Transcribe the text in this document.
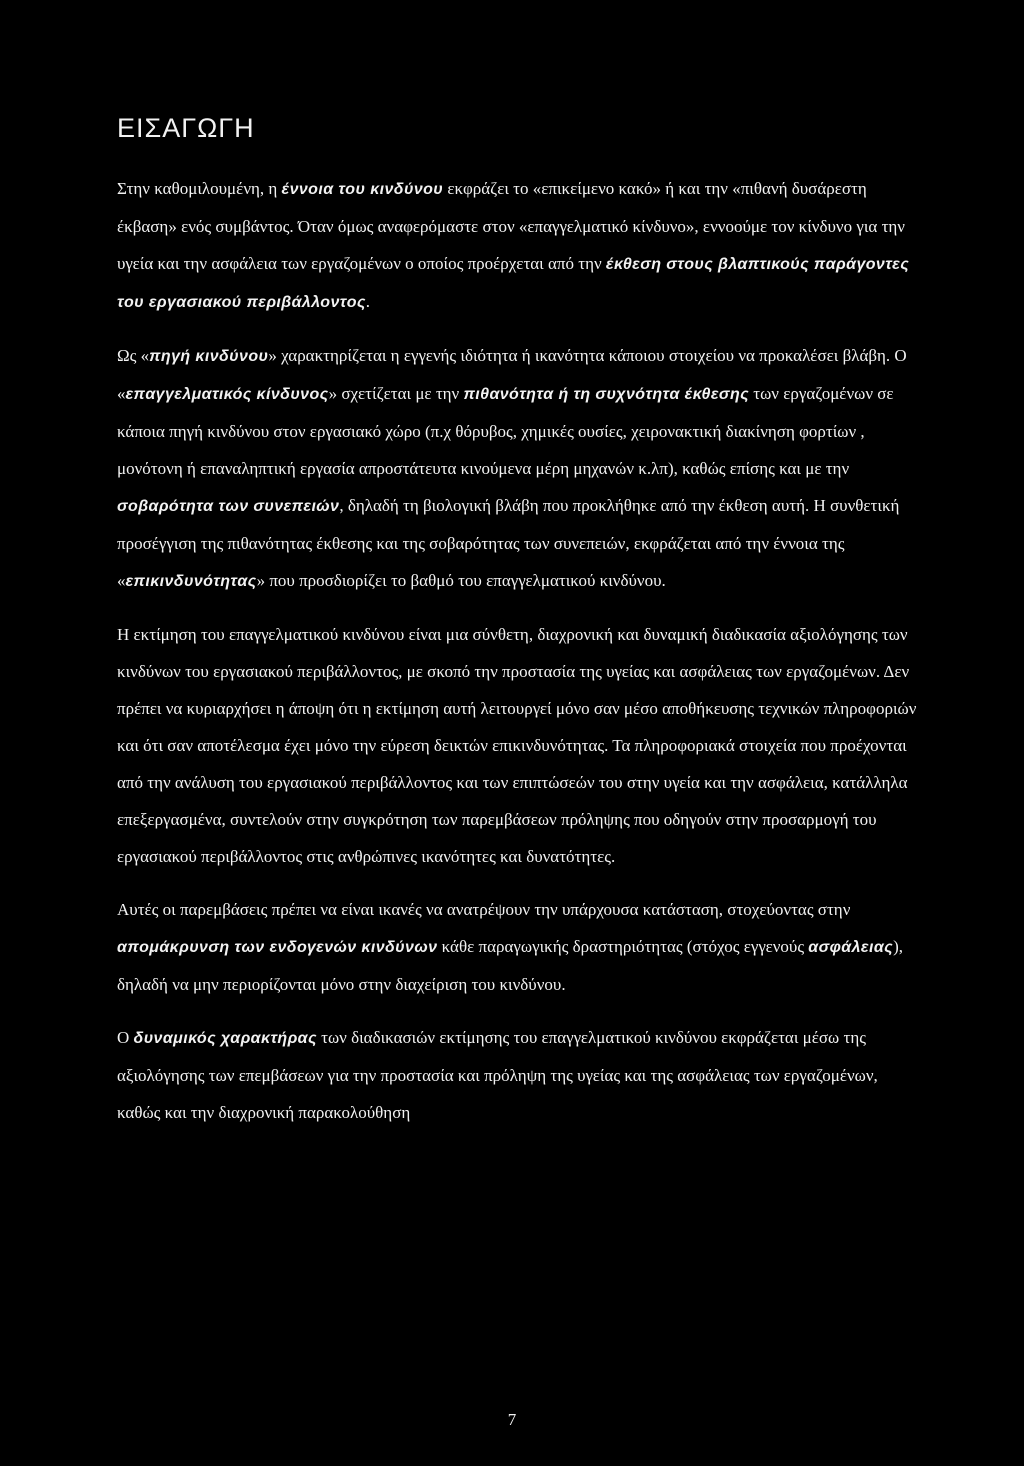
ΕΙΣΑΓΩΓΗ

Στην καθομιλουμένη, η έννοια του κινδύνου εκφράζει το «επικείμενο κακό» ή και την «πιθανή δυσάρεστη έκβαση» ενός συμβάντος. Όταν όμως αναφερόμαστε στον «επαγγελματικό κίνδυνο», εννοούμε τον κίνδυνο για την υγεία και την ασφάλεια των εργαζομένων ο οποίος προέρχεται από την έκθεση στους βλαπτικούς παράγοντες του εργασιακού περιβάλλοντος.

Ως «πηγή κινδύνου» χαρακτηρίζεται η εγγενής ιδιότητα ή ικανότητα κάποιου στοιχείου να προκαλέσει βλάβη. Ο «επαγγελματικός κίνδυνος» σχετίζεται με την πιθανότητα ή τη συχνότητα έκθεσης των εργαζομένων σε κάποια πηγή κινδύνου στον εργασιακό χώρο (π.χ θόρυβος, χημικές ουσίες, χειρονακτική διακίνηση φορτίων , μονότονη ή επαναληπτική εργασία απροστάτευτα κινούμενα μέρη μηχανών κ.λπ), καθώς επίσης και με την σοβαρότητα των συνεπειών, δηλαδή τη βιολογική βλάβη που προκλήθηκε από την έκθεση αυτή. Η συνθετική προσέγγιση της πιθανότητας έκθεσης και της σοβαρότητας των συνεπειών, εκφράζεται από την έννοια της «επικινδυνότητας» που προσδιορίζει το βαθμό του επαγγελματικού κινδύνου.

Η εκτίμηση του επαγγελματικού κινδύνου είναι μια σύνθετη, διαχρονική και δυναμική διαδικασία αξιολόγησης των κινδύνων του εργασιακού περιβάλλοντος, με σκοπό την προστασία της υγείας και ασφάλειας των εργαζομένων. Δεν πρέπει να κυριαρχήσει η άποψη ότι η εκτίμηση αυτή λειτουργεί μόνο σαν μέσο αποθήκευσης τεχνικών πληροφοριών και ότι σαν αποτέλεσμα έχει μόνο την εύρεση δεικτών επικινδυνότητας. Τα πληροφοριακά στοιχεία που προέχονται από την ανάλυση του εργασιακού περιβάλλοντος και των επιπτώσεών του στην υγεία και την ασφάλεια, κατάλληλα επεξεργασμένα, συντελούν στην συγκρότηση των παρεμβάσεων πρόληψης που οδηγούν στην προσαρμογή του εργασιακού περιβάλλοντος στις ανθρώπινες ικανότητες και δυνατότητες.

Αυτές οι παρεμβάσεις πρέπει να είναι ικανές να ανατρέψουν την υπάρχουσα κατάσταση, στοχεύοντας στην απομάκρυνση των ενδογενών κινδύνων κάθε παραγωγικής δραστηριότητας (στόχος εγγενούς ασφάλειας), δηλαδή να μην περιορίζονται μόνο στην διαχείριση του κινδύνου.

Ο δυναμικός χαρακτήρας των διαδικασιών εκτίμησης του επαγγελματικού κινδύνου εκφράζεται μέσω της αξιολόγησης των επεμβάσεων για την προστασία και πρόληψη της υγείας και της ασφάλειας των εργαζομένων, καθώς και την διαχρονική παρακολούθηση

7
